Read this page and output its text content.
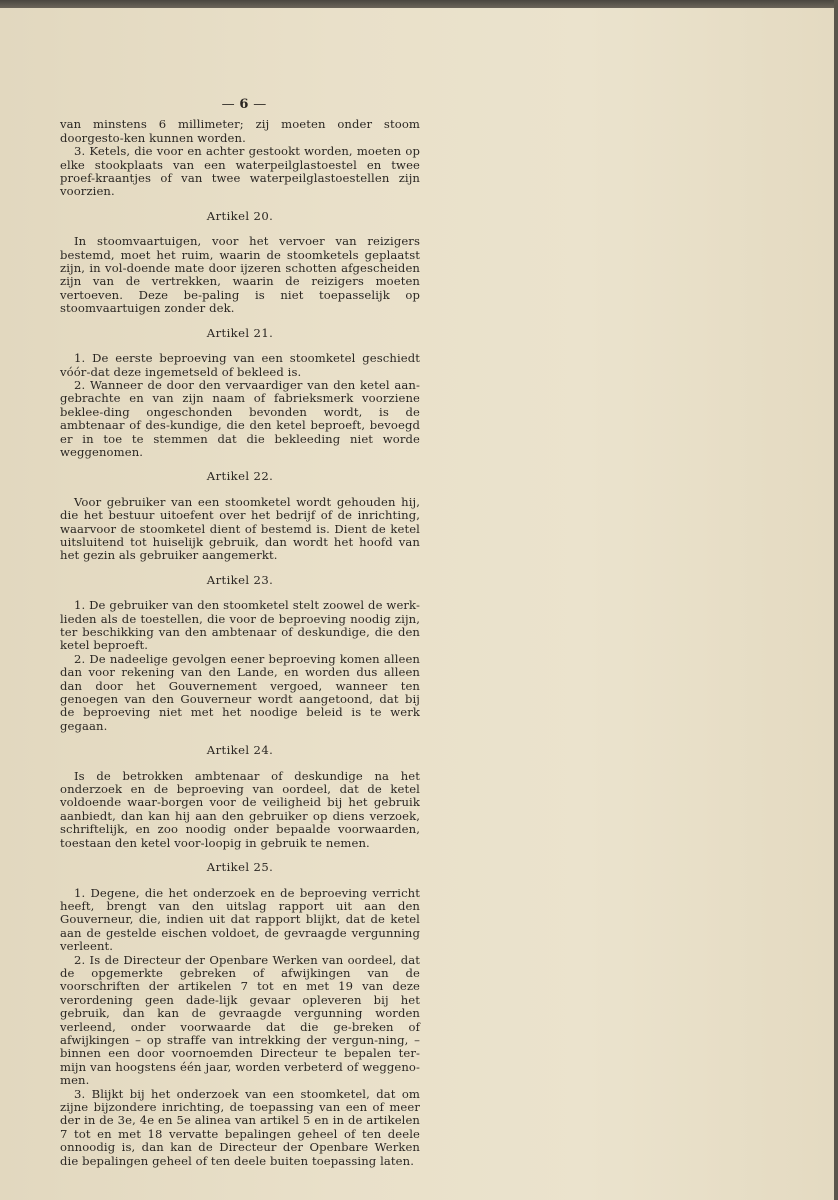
— 6 —

van minstens 6 millimeter; zij moeten onder stoom doorgesto-ken kunnen worden.

3. Ketels, die voor en achter gestookt worden, moeten op elke stookplaats van een waterpeilglastoestel en twee proef-kraantjes of van twee waterpeilglastoestellen zijn voorzien.

Artikel 20.

In stoomvaartuigen, voor het vervoer van reizigers bestemd, moet het ruim, waarin de stoomketels geplaatst zijn, in vol-doende mate door ijzeren schotten afgescheiden zijn van de vertrekken, waarin de reizigers moeten vertoeven. Deze be-paling is niet toepasselijk op stoomvaartuigen zonder dek.

Artikel 21.

1. De eerste beproeving van een stoomketel geschiedt vóór-dat deze ingemetseld of bekleed is.

2. Wanneer de door den vervaardiger van den ketel aan-gebrachte en van zijn naam of fabrieksmerk voorziene beklee-ding ongeschonden bevonden wordt, is de ambtenaar of des-kundige, die den ketel beproeft, bevoegd er in toe te stemmen dat die bekleeding niet worde weggenomen.

Artikel 22.

Voor gebruiker van een stoomketel wordt gehouden hij, die het bestuur uitoefent over het bedrijf of de inrichting, waarvoor de stoomketel dient of bestemd is. Dient de ketel uitsluitend tot huiselijk gebruik, dan wordt het hoofd van het gezin als gebruiker aangemerkt.

Artikel 23.

1. De gebruiker van den stoomketel stelt zoowel de werk-lieden als de toestellen, die voor de beproeving noodig zijn, ter beschikking van den ambtenaar of deskundige, die den ketel beproeft.

2. De nadeelige gevolgen eener beproeving komen alleen dan voor rekening van den Lande, en worden dus alleen dan door het Gouvernement vergoed, wanneer ten genoegen van den Gouverneur wordt aangetoond, dat bij de beproeving niet met het noodige beleid is te werk gegaan.

Artikel 24.

Is de betrokken ambtenaar of deskundige na het onderzoek en de beproeving van oordeel, dat de ketel voldoende waar-borgen voor de veiligheid bij het gebruik aanbiedt, dan kan hij aan den gebruiker op diens verzoek, schriftelijk, en zoo noodig onder bepaalde voorwaarden, toestaan den ketel voor-loopig in gebruik te nemen.

Artikel 25.

1. Degene, die het onderzoek en de beproeving verricht heeft, brengt van den uitslag rapport uit aan den Gouverneur, die, indien uit dat rapport blijkt, dat de ketel aan de gestelde eischen voldoet, de gevraagde vergunning verleent.

2. Is de Directeur der Openbare Werken van oordeel, dat de opgemerkte gebreken of afwijkingen van de voorschriften der artikelen 7 tot en met 19 van deze verordening geen dade-lijk gevaar opleveren bij het gebruik, dan kan de gevraagde vergunning worden verleend, onder voorwaarde dat die ge-breken of afwijkingen – op straffe van intrekking der vergun-ning, – binnen een door voornoemden Directeur te bepalen ter-mijn van hoogstens één jaar, worden verbeterd of weggeno-men.

3. Blijkt bij het onderzoek van een stoomketel, dat om zijne bijzondere inrichting, de toepassing van een of meer der in de 3e, 4e en 5e alinea van artikel 5 en in de artikelen 7 tot en met 18 vervatte bepalingen geheel of ten deele onnoodig is, dan kan de Directeur der Openbare Werken die bepalingen geheel of ten deele buiten toepassing laten.
